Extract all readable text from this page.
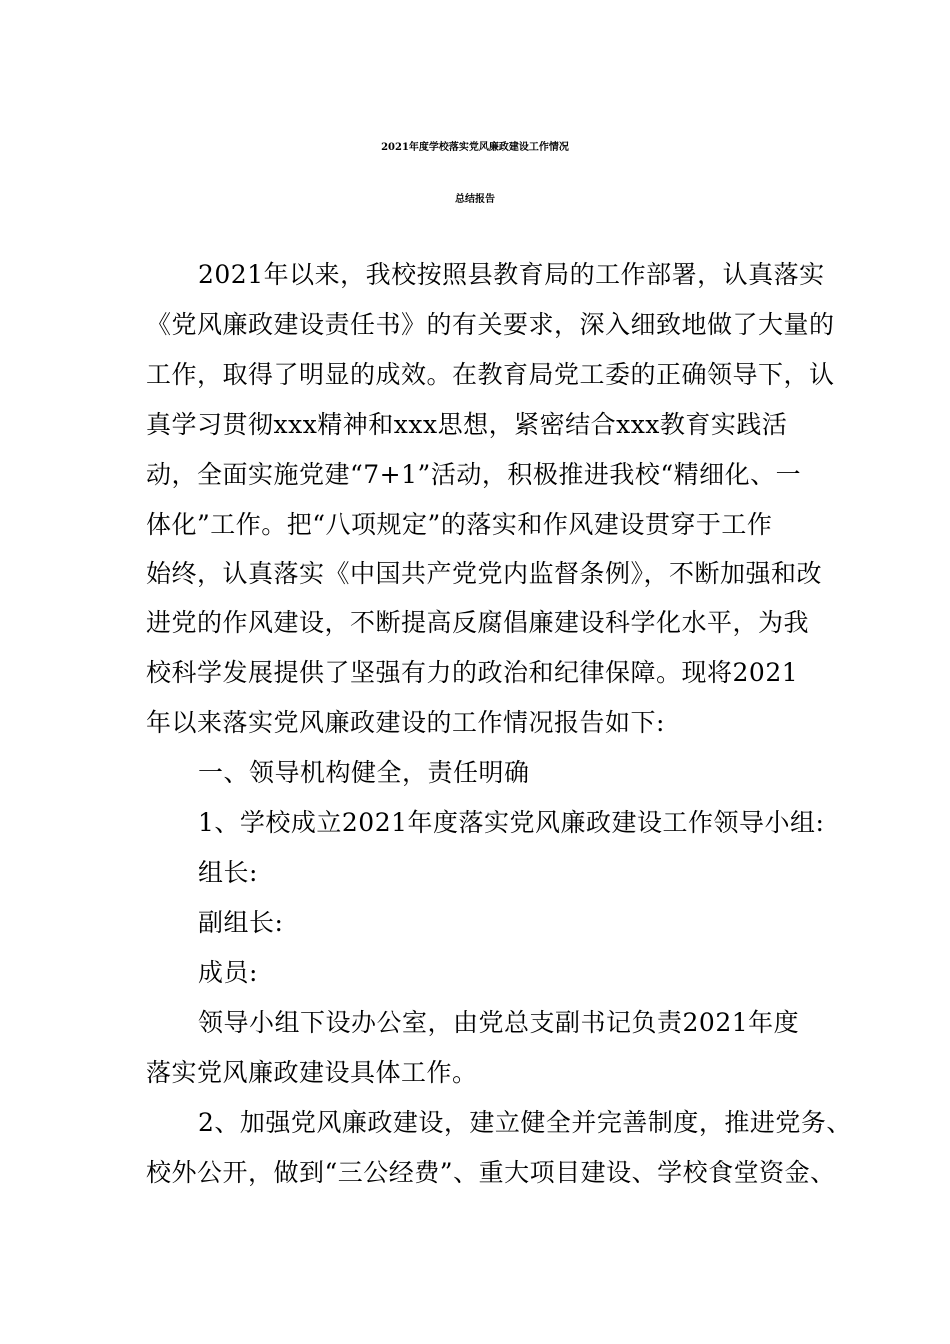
2021年度学校落实党风廉政建设工作情况
总结报告
2021年以来，我校按照县教育局的工作部署，认真落实
《党风廉政建设责任书》的有关要求，深入细致地做了大量的
工作，取得了明显的成效。在教育局党工委的正确领导下，认
真学习贯彻xxx精神和xxx思想，紧密结合xxx教育实践活
动，全面实施党建“7+1”活动，积极推进我校“精细化、一
体化”工作。把“八项规定”的落实和作风建设贯穿于工作
始终，认真落实《中国共产党党内监督条例》，不断加强和改
进党的作风建设，不断提高反腐倡廉建设科学化水平，为我
校科学发展提供了坚强有力的政治和纪律保障。现将2021
年以来落实党风廉政建设的工作情况报告如下:
一、领导机构健全，责任明确
1、学校成立2021年度落实党风廉政建设工作领导小组:
组长:
副组长:
成员:
领导小组下设办公室，由党总支副书记负责2021年度
落实党风廉政建设具体工作。
2、加强党风廉政建设，建立健全并完善制度，推进党务、
校外公开，做到“三公经费”、重大项目建设、学校食堂资金、
